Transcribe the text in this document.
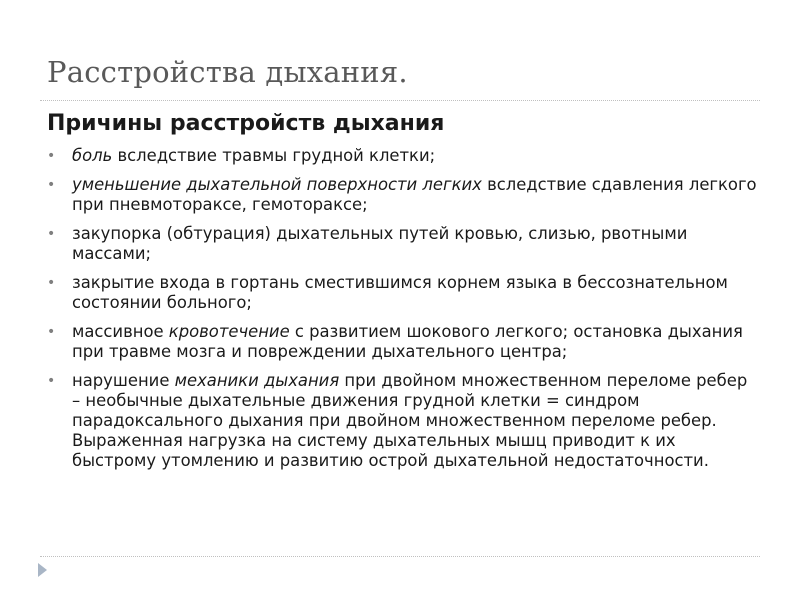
Расстройства дыхания.
Причины расстройств дыхания
• боль вследствие травмы грудной клетки;
• уменьшение дыхательной поверхности легких вследствие сдавления легкого при пневмотораксе, гемотораксе;
• закупорка (обтурация) дыхательных путей кровью, слизью, рвотными массами;
• закрытие входа в гортань сместившимся корнем языка в бессознательном состоянии больного;
• массивное кровотечение с развитием шокового легкого; остановка дыхания при травме мозга и повреждении дыхательного центра;
• нарушение механики дыхания при двойном множественном переломе ребер – необычные дыхательные движения грудной клетки = синдром парадоксального дыхания при двойном множественном переломе ребер. Выраженная нагрузка на систему дыхательных мышц приводит к их быстрому утомлению и развитию острой дыхательной недостаточности.
